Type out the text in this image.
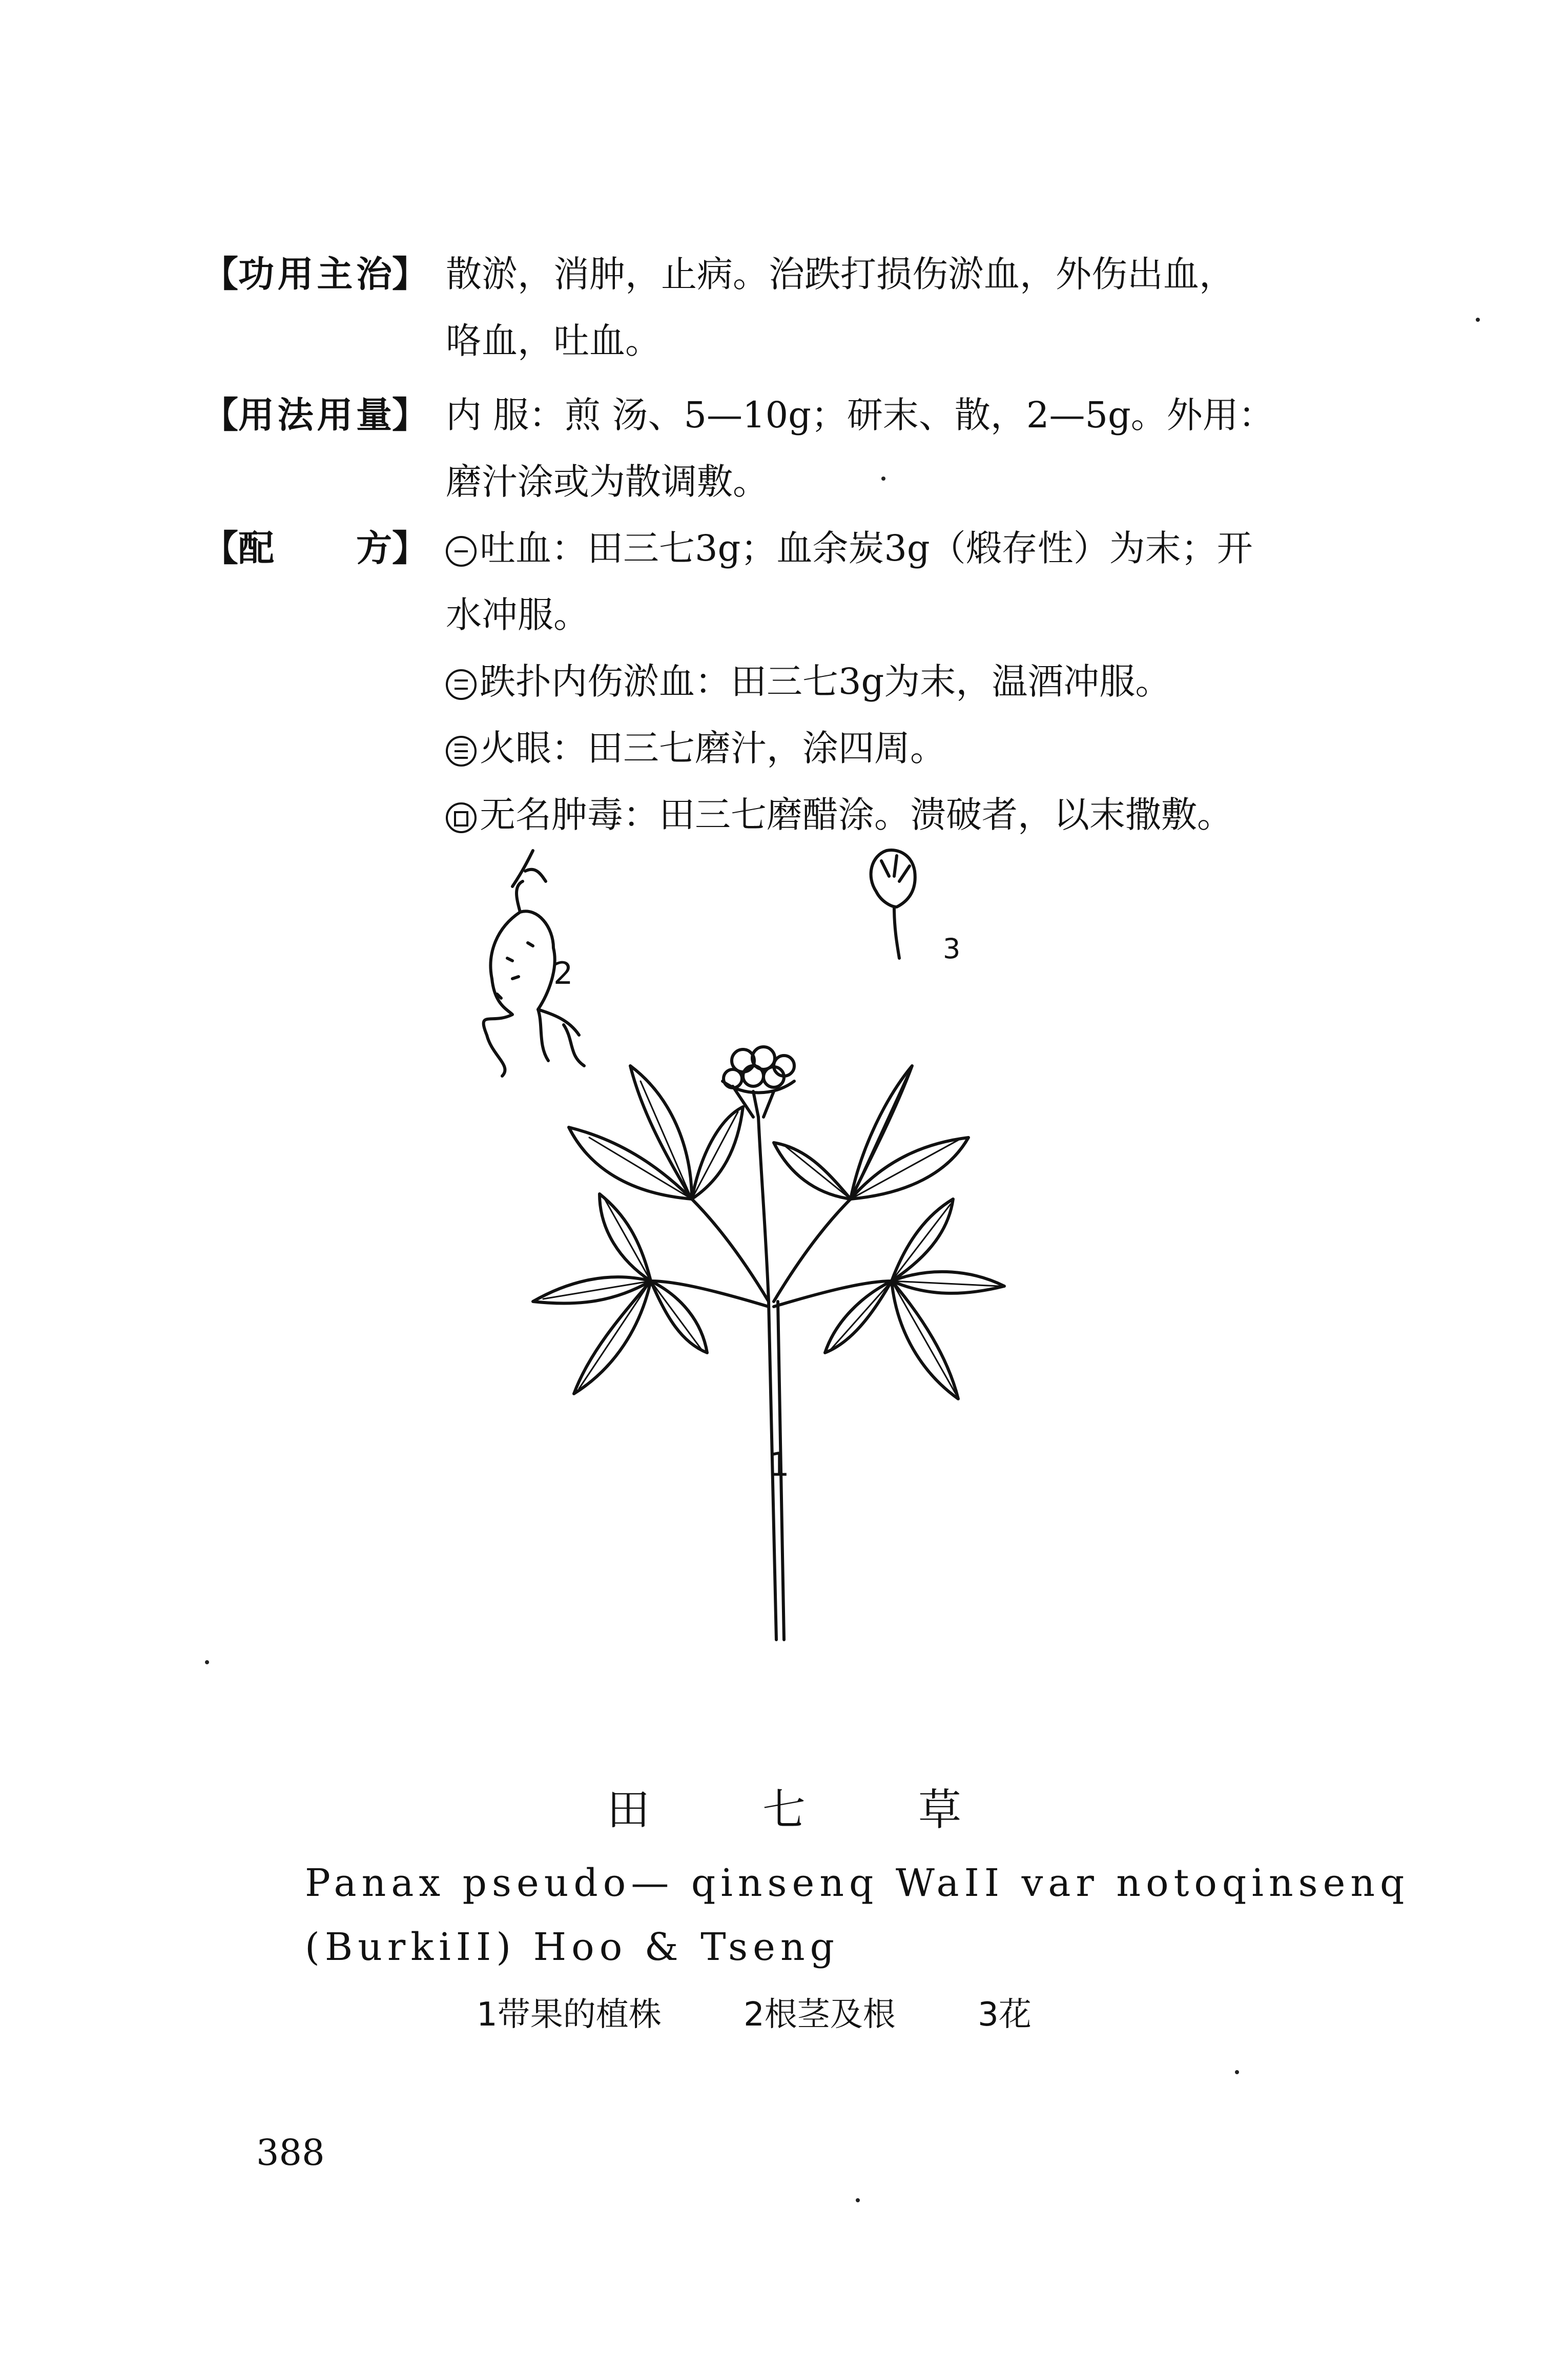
【功用主治】 散淤，消肿，止病。治跌打损伤淤血，外伤出血，

咯血，吐血。

【用法用量】 内 服：煎 汤、5—10g；研末、散，2—5g。外用：

磨汁涂或为散调敷。

【配　　方】	吐血：田三七3g；血余炭3g（煅存性）为末；开

水冲服。

跌扑内伤淤血：田三七3g为末，温酒冲服。

火眼：田三七磨汁，涂四周。

无名肿毒：田三七磨醋涂。溃破者，以末撒敷。

2
3
1
田	七	草
Panax pseudo— qinsenq WaII var notoqinsenq
(BurkiII) Hoo & Tseng
1带果的植株	2根茎及根	3花
388
